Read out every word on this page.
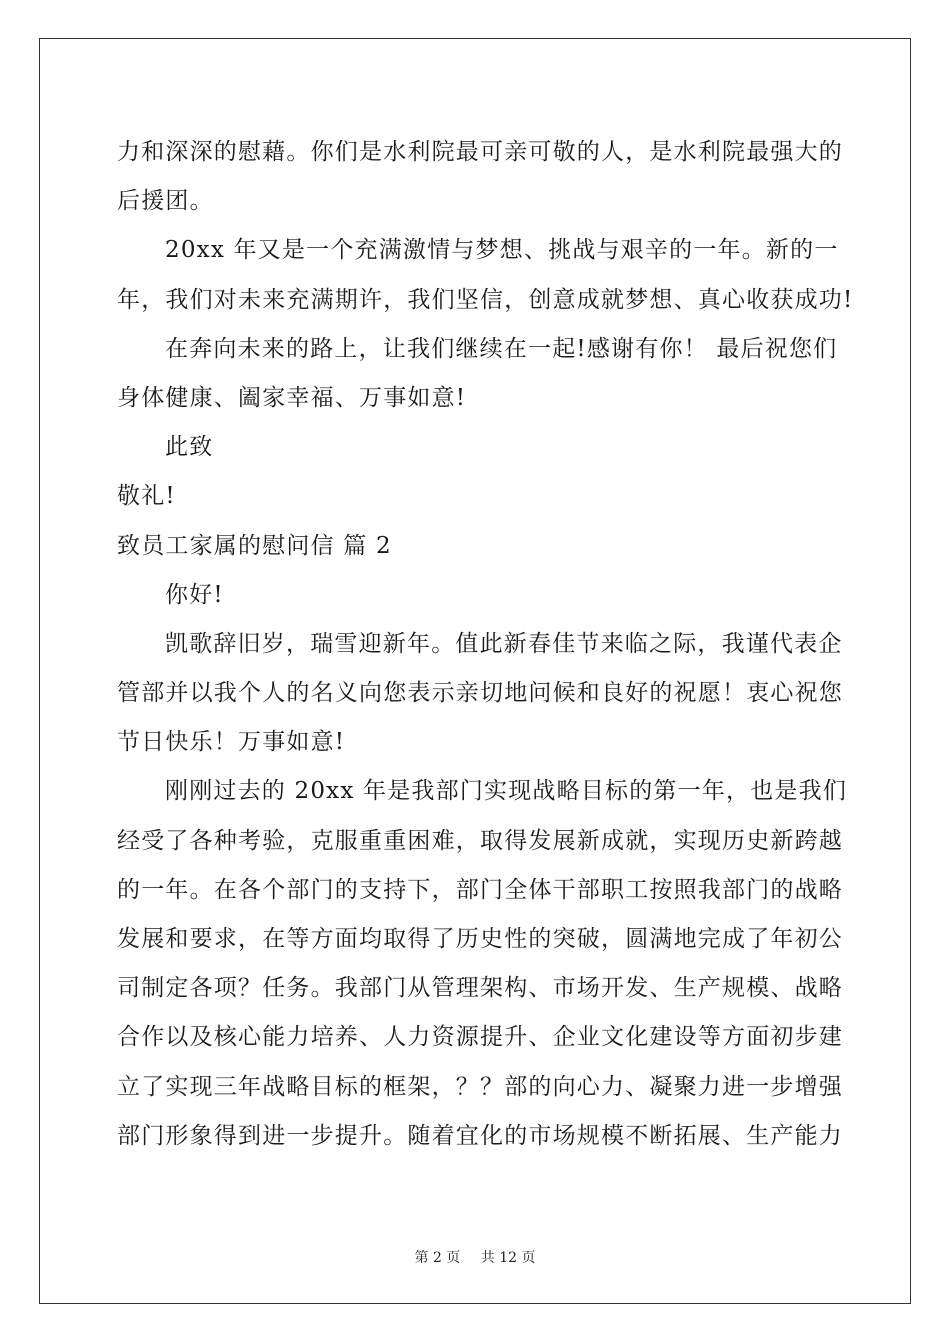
力和深深的慰藉。你们是水利院最可亲可敬的人，是水利院最强大的
后援团。
20xx 年又是一个充满激情与梦想、挑战与艰辛的一年。新的一
年，我们对未来充满期许，我们坚信，创意成就梦想、真心收获成功!
在奔向未来的路上，让我们继续在一起!感谢有你！ 最后祝您们
身体健康、阖家幸福、万事如意!
此致
敬礼!
致员工家属的慰问信 篇 2
你好!
凯歌辞旧岁，瑞雪迎新年。值此新春佳节来临之际，我谨代表企
管部并以我个人的名义向您表示亲切地问候和良好的祝愿！衷心祝您
节日快乐！万事如意!
刚刚过去的 20xx 年是我部门实现战略目标的第一年，也是我们
经受了各种考验，克服重重困难，取得发展新成就，实现历史新跨越
的一年。在各个部门的支持下，部门全体干部职工按照我部门的战略
发展和要求，在等方面均取得了历史性的突破，圆满地完成了年初公
司制定各项？任务。我部门从管理架构、市场开发、生产规模、战略
合作以及核心能力培养、人力资源提升、企业文化建设等方面初步建
立了实现三年战略目标的框架，？？部的向心力、凝聚力进一步增强
部门形象得到进一步提升。随着宜化的市场规模不断拓展、生产能力
第 2 页 共 12 页
